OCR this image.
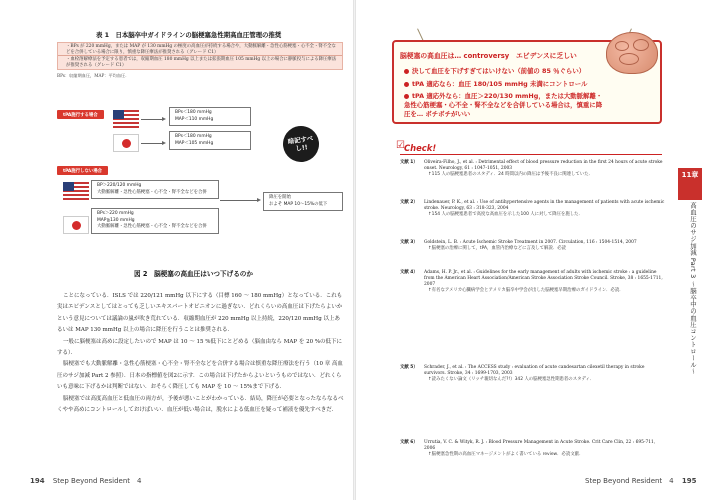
表 1　日本脳卒中ガイドラインの脳梗塞急性期高血圧管理の推奨
・BPs が 220 mmHg，または MAP が 130 mmHg の極度の高血圧が持続する場合や，大動脈解離・急性心筋梗塞・心不全・腎不全などを合併している場合に限り，慎重な降圧療法が推奨される（グレード C1）
・血栓溶解療法を予定する患者では，収縮期血圧 180 mmHg 以上または拡張期血圧 105 mmHg 以上の場合に静脈投与による降圧療法が推奨される（グレード C1）
BPs：収縮期血圧，MAP：平均血圧．
tPA施行する場合
BPs＜180 mmHg
MAP＜110 mmHg
BPs＜180 mmHg
MAP＜105 mmHg	暗記すべし!!
tPA施行しない場合
BP＞220/120 mmHg
大動脈解離・急性心筋梗塞・心不全・腎不全などを合併
BPs＞220 mmHg
MAP≧130 mmHg
大動脈解離・急性心筋梗塞・心不全・腎不全などを合併
降圧を開始
およそ MAP 10〜15%の低下
図 2　脳梗塞の高血圧はいつ下げるのか

ことになっている．ISLS では 220/121 mmHg 以下にする（目標 160 〜 180 mmHg）となっている．これも実はエビデンスとしてはとっても乏しいエキスパートオピニオンに過ぎない．どれくらいの高血圧は下げたらよいかという意見については議論の嵐が吹き荒れている．収縮期血圧が 220 mmHg 以上持続，220/120 mmHg 以上あるいは MAP 130 mmHg 以上の場合に降圧を行うことは推奨される．

一般に脳梗塞は高めに設定したいので MAP は 10 〜 15 %低下にとどめる（脳血由なら MAP を 20 %の低下にする）．

脳梗塞でも大動脈解離・急性心筋梗塞・心不全・腎不全などを合併する場合は慎重な降圧療法を行う（10 章 高血圧のサジ加減 Part 2 参照）．日本の指標値を図2に示す．この場合は下げたからよいというものではない．どれくらいも意味に下げるかは判断ではない．おそらく降圧しても MAP を 10 〜 15%まで下げる．

脳梗塞では高度高血圧と低血圧の両方が，予後が悪いことがわかっている．結局，降圧が必要となったならなるべくやや高めにコントロールしておけばいい．血圧が低い場合は，脱水による低血圧を疑って補液を優先すべきだ．

194 Step Beyond Resident　4
脳梗塞の高血圧は… controversy　エビデンスに乏しい
決して血圧を下げすぎてはいけない（前値の 85 ％ぐらい）
tPA 適応なら：血圧 180/105 mmHg 未満にコントロール
tPA 適応外なら：血圧＞220/130 mmHg，または大動脈解離・急性心筋梗塞・心不全・腎不全などを合併している場合は，慎重に降圧を… ボチボチがいい
☑ Check!
文献 1） Oliveira-Filho, J., et al. : Detrimental effect of blood pressure reduction in the first 24 hours of acute stroke onset. Neurology, 61 : 1047-1051, 2003
↑115 人の脳梗塞患者のスタディ．24 時間以内の降圧は予後不良に関連していた．
文献 2） Lindenauer, P. K., et al. : Use of antihypertensive agents in the management of patients with acute ischemic stroke. Neurology, 63 : 318-323, 2004
↑154 人の脳梗塞患者で高度な高血圧を示した100 人に対して降圧を施した．
文献 3） Goldstein, L. B. : Acute Ischemic Stroke Treatment in 2007. Circulation, 116 : 1504-1514, 2007
↑脳梗塞の治療に関して，tPA，血管内治療などに言及して解説．必読
文献 4） Adams, H. P. Jr., et al. : Guidelines for the early management of adults with ischemic stroke : a guideline from the American Heart Association/American Stroke Association Stroke Council. Stroke, 38 : 1655-1711, 2007
↑有名なアメリカ心臓病学会とアメリカ脳卒中学会が出した脳梗塞早期治療のガイドライン．必読．
文献 5） Schrader, J., et al. : The ACCESS study : evaluation of acute candesartan cilexetil therapy in stroke survivors. Stroke, 34 : 1699-1703, 2003
↑読みたくない論文（リッチ親切なんだ?!）342 人の脳梗塞急性期患者のスタディ．
文献 6） Urrutia, V. C. & Wityk, R. J. : Blood Pressure Management in Acute Stroke. Crit Care Clin, 22 : 695-711, 2006
↑脳梗塞急性期の高血圧マネージメントがよく書いている review．必読文献．
11章
高血圧のサジ加減 Part 3 〜脳卒中の血圧コントロール〜
Step Beyond Resident　4 195
